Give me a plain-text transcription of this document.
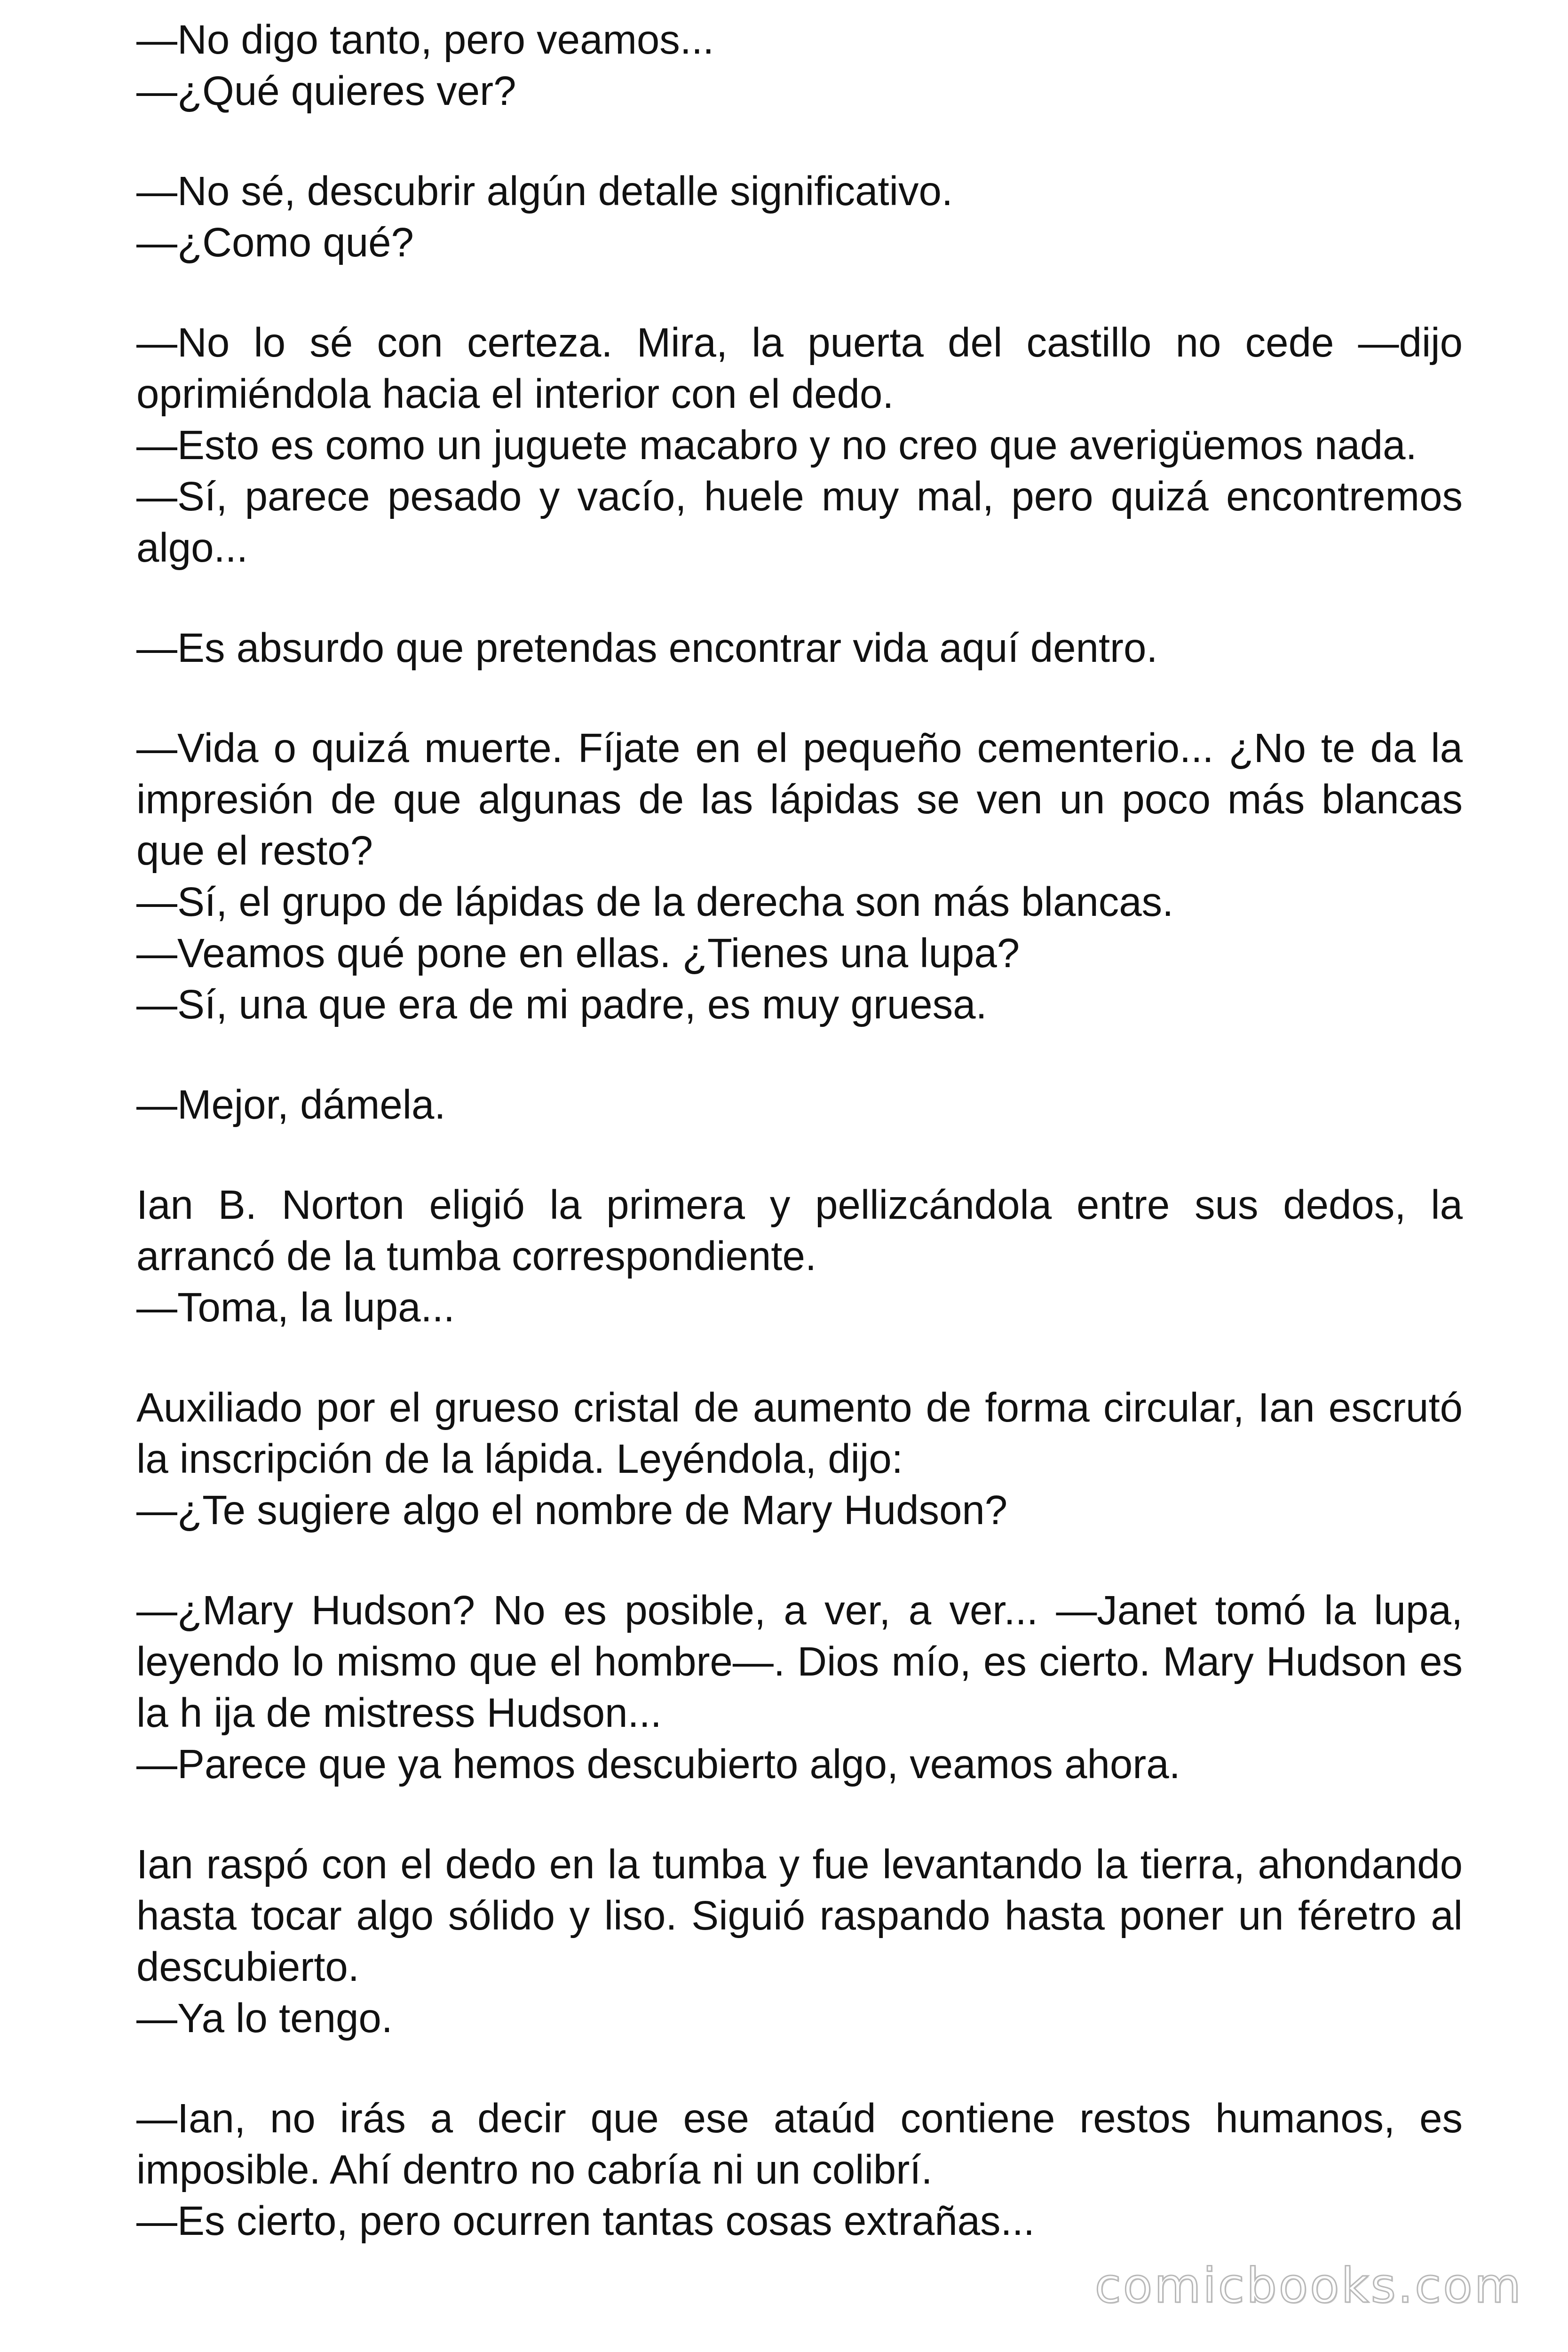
—No digo tanto, pero veamos...

—¿Qué quieres ver?

—No sé, descubrir algún detalle significativo.

—¿Como qué?

—No lo sé con certeza. Mira, la puerta del castillo no cede —dijo oprimiéndola hacia el interior con el dedo.

—Esto es como un juguete macabro y no creo que averigüemos nada.

—Sí, parece pesado y vacío, huele muy mal, pero quizá encontremos algo...

—Es absurdo que pretendas encontrar vida aquí dentro.

—Vida o quizá muerte. Fíjate en el pequeño cementerio... ¿No te da la impresión de que algunas de las lápidas se ven un poco más blancas que el resto?

—Sí, el grupo de lápidas de la derecha son más blancas.

—Veamos qué pone en ellas. ¿Tienes una lupa?

—Sí, una que era de mi padre, es muy gruesa.

—Mejor, dámela.

Ian B. Norton eligió la primera y pellizcándola entre sus dedos, la arrancó de la tumba correspondiente.

—Toma, la lupa...

Auxiliado por el grueso cristal de aumento de forma circular, Ian escrutó la inscripción de la lápida. Leyéndola, dijo:

—¿Te sugiere algo el nombre de Mary Hudson?

—¿Mary Hudson? No es posible, a ver, a ver... —Janet tomó la lupa, leyendo lo mismo que el hombre—. Dios mío, es cierto. Mary Hudson es la h ija de mistress Hudson...

—Parece que ya hemos descubierto algo, veamos ahora.

Ian raspó con el dedo en la tumba y fue levantando la tierra, ahondando hasta tocar algo sólido y liso. Siguió raspando hasta poner un féretro al descubierto.

—Ya lo tengo.

—Ian, no irás a decir que ese ataúd contiene restos humanos, es imposible. Ahí dentro no cabría ni un colibrí.

—Es cierto, pero ocurren tantas cosas extrañas...

comicbooks.com
